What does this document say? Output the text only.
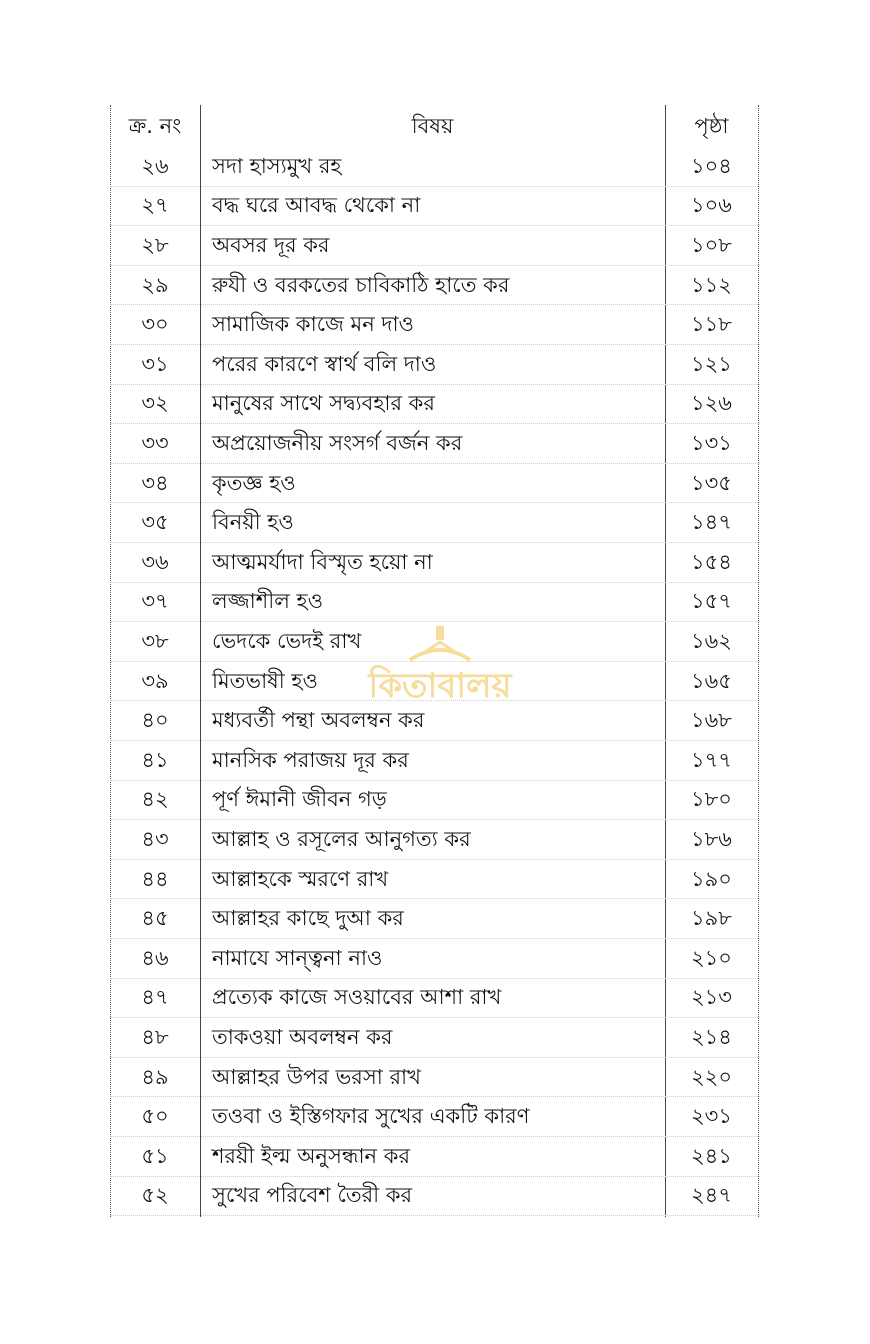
ক্র. নং	বিষয়	পৃষ্ঠা
২৬	সদা হাস্যমুখ রহ	১০৪
২৭	বদ্ধ ঘরে আবদ্ধ থেকো না	১০৬
২৮	অবসর দূর কর	১০৮
২৯	রুযী ও বরকতের চাবিকাঠি হাতে কর	১১২
৩০	সামাজিক কাজে মন দাও	১১৮
৩১	পরের কারণে স্বার্থ বলি দাও	১২১
৩২	মানুষের সাথে সদ্ব্যবহার কর	১২৬
৩৩	অপ্রয়োজনীয় সংসর্গ বর্জন কর	১৩১
৩৪	কৃতজ্ঞ হও	১৩৫
৩৫	বিনয়ী হও	১৪৭
৩৬	আত্মমর্যাদা বিস্মৃত হয়ো না	১৫৪
৩৭	লজ্জাশীল হও	১৫৭
৩৮	ভেদকে ভেদই রাখ	১৬২
৩৯	মিতভাষী হও	১৬৫
৪০	মধ্যবর্তী পন্থা অবলম্বন কর	১৬৮
৪১	মানসিক পরাজয় দূর কর	১৭৭
৪২	পূর্ণ ঈমানী জীবন গড়	১৮০
৪৩	আল্লাহ ও রসূলের আনুগত্য কর	১৮৬
৪৪	আল্লাহকে স্মরণে রাখ	১৯০
৪৫	আল্লাহর কাছে দুআ কর	১৯৮
৪৬	নামাযে সান্ত্বনা নাও	২১০
৪৭	প্রত্যেক কাজে সওয়াবের আশা রাখ	২১৩
৪৮	তাকওয়া অবলম্বন কর	২১৪
৪৯	আল্লাহর উপর ভরসা রাখ	২২০
৫০	তওবা ও ইস্তিগফার সুখের একটি কারণ	২৩১
৫১	শরয়ী ইল্ম অনুসন্ধান কর	২৪১
৫২	সুখের পরিবেশ তৈরী কর	২৪৭
কিতাবালয়
